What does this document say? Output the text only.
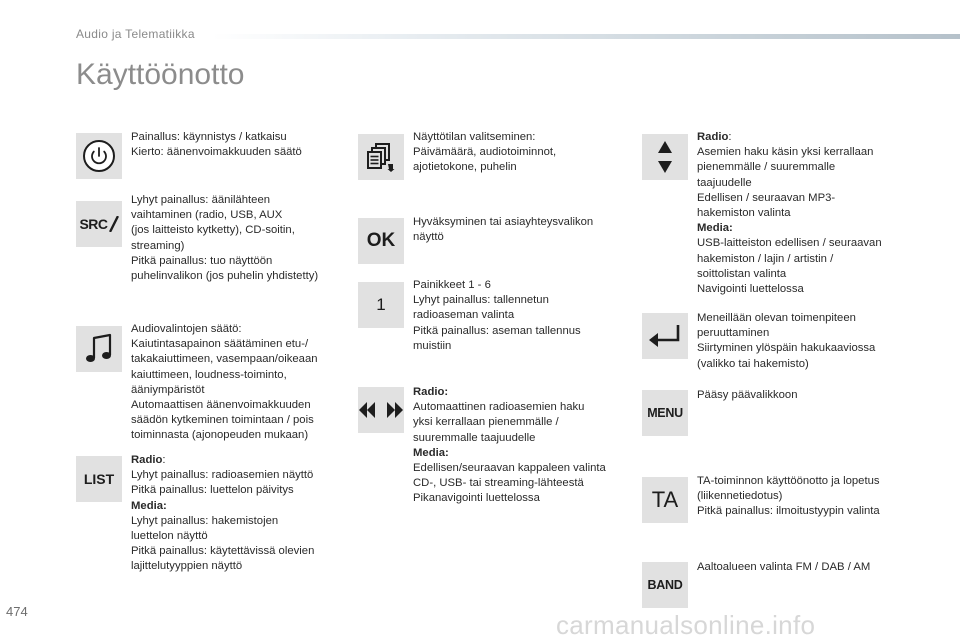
Audio ja Telematiikka
Käyttöönotto
Painallus: käynnistys / katkaisu
Kierto: äänenvoimakkuuden säätö
SRC
Lyhyt painallus: äänilähteen
vaihtaminen (radio, USB, AUX
(jos laitteisto kytketty), CD-soitin,
streaming)
Pitkä painallus: tuo näyttöön
puhelinvalikon (jos puhelin yhdistetty)
Audiovalintojen säätö:
Kaiutintasapainon säätäminen etu-/
takakaiuttimeen, vasempaan/oikeaan
kaiuttimeen, loudness-toiminto,
ääniympäristöt
Automaattisen äänenvoimakkuuden
säädön kytkeminen toimintaan / pois
toiminnasta (ajonopeuden mukaan)
LIST
Radio:
Lyhyt painallus: radioasemien näyttö
Pitkä painallus: luettelon päivitys
Media:
Lyhyt painallus: hakemistojen
luettelon näyttö
Pitkä painallus: käytettävissä olevien
lajittelutyyppien näyttö
Näyttötilan valitseminen:
Päivämäärä, audiotoiminnot,
ajotietokone, puhelin
OK
Hyväksyminen tai asiayhteysvalikon
näyttö
1
Painikkeet 1 - 6
Lyhyt painallus: tallennetun
radioaseman valinta
Pitkä painallus: aseman tallennus
muistiin
Radio:
Automaattinen radioasemien haku
yksi kerrallaan pienemmälle /
suuremmalle taajuudelle
Media:
Edellisen/seuraavan kappaleen valinta
CD-, USB- tai streaming-lähteestä
Pikanavigointi luettelossa
Radio:
Asemien haku käsin yksi kerrallaan
pienemmälle / suuremmalle
taajuudelle
Edellisen / seuraavan MP3-
hakemiston valinta
Media:
USB-laitteiston edellisen / seuraavan
hakemiston / lajin / artistin /
soittolistan valinta
Navigointi luettelossa
Meneillään olevan toimenpiteen
peruuttaminen
Siirtyminen ylöspäin hakukaaviossa
(valikko tai hakemisto)
MENU
Pääsy päävalikkoon
TA
TA-toiminnon käyttöönotto ja lopetus
(liikennetiedotus)
Pitkä painallus: ilmoitustyypin valinta
BAND
Aaltoalueen valinta FM / DAB / AM
474	carmanualsonline.info
